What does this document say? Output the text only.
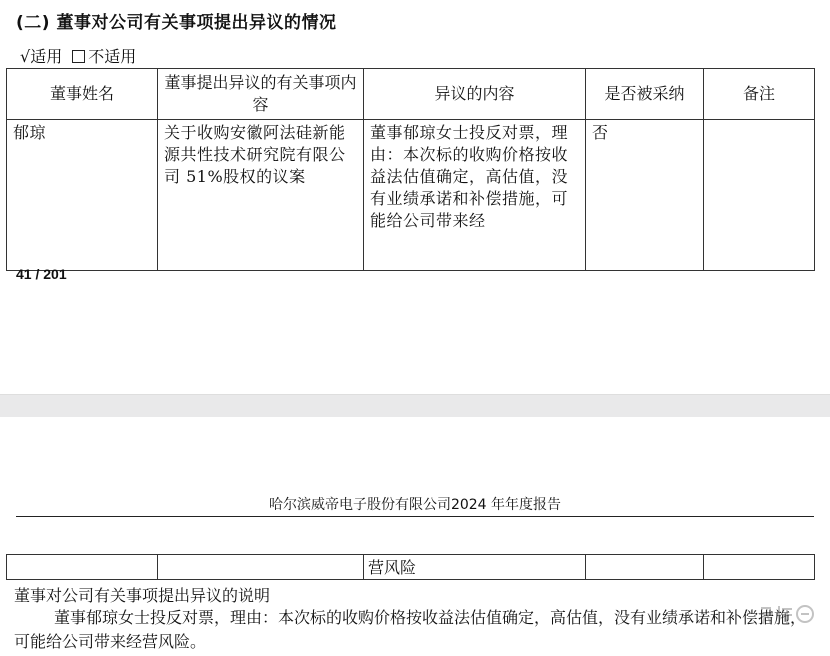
(二) 董事对公司有关事项提出异议的情况
√适用 不适用
董事姓名	董事提出异议的有关事项内容	异议的内容	是否被采纳	备注

郁琼	关于收购安徽阿法硅新能源共性技术研究院有限公司 51%股权的议案	董事郁琼女士投反对票，理由：本次标的收购价格按收益法估值确定，高估值，没有业绩承诺和补偿措施，可能给公司带来经	否	

41 / 201
哈尔滨威帝电子股份有限公司2024 年年度报告
		营风险		
董事对公司有关事项提出异议的说明
董事郁琼女士投反对票，理由：本次标的收购价格按收益法估值确定，高估值，没有业绩承诺和补偿措施，可能给公司带来经营风险。
